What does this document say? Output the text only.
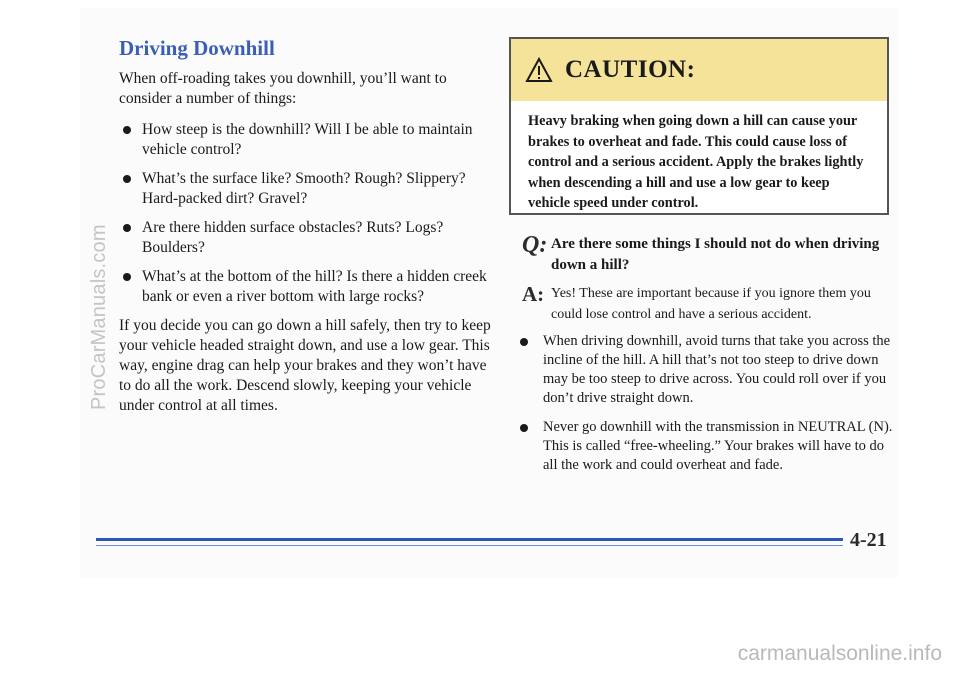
ProCarManuals.com
Driving Downhill

When off-roading takes you downhill, you’ll want to consider a number of things:

How steep is the downhill? Will I be able to maintain vehicle control?
What’s the surface like? Smooth? Rough? Slippery? Hard-packed dirt? Gravel?
Are there hidden surface obstacles? Ruts? Logs? Boulders?
What’s at the bottom of the hill? Is there a hidden creek bank or even a river bottom with large rocks?

If you decide you can go down a hill safely, then try to keep your vehicle headed straight down, and use a low gear. This way, engine drag can help your brakes and they won’t have to do all the work. Descend slowly, keeping your vehicle under control at all times.

CAUTION:
Heavy braking when going down a hill can cause your brakes to overheat and fade. This could cause loss of control and a serious accident. Apply the brakes lightly when descending a hill and use a low gear to keep vehicle speed under control.
Q: Are there some things I should not do when driving down a hill?
A: Yes! These are important because if you ignore them you could lose control and have a serious accident.
When driving downhill, avoid turns that take you across the incline of the hill. A hill that’s not too steep to drive down may be too steep to drive across. You could roll over if you don’t drive straight down.
Never go downhill with the transmission in NEUTRAL (N). This is called “free-wheeling.” Your brakes will have to do all the work and could overheat and fade.
4-21
carmanualsonline.info
